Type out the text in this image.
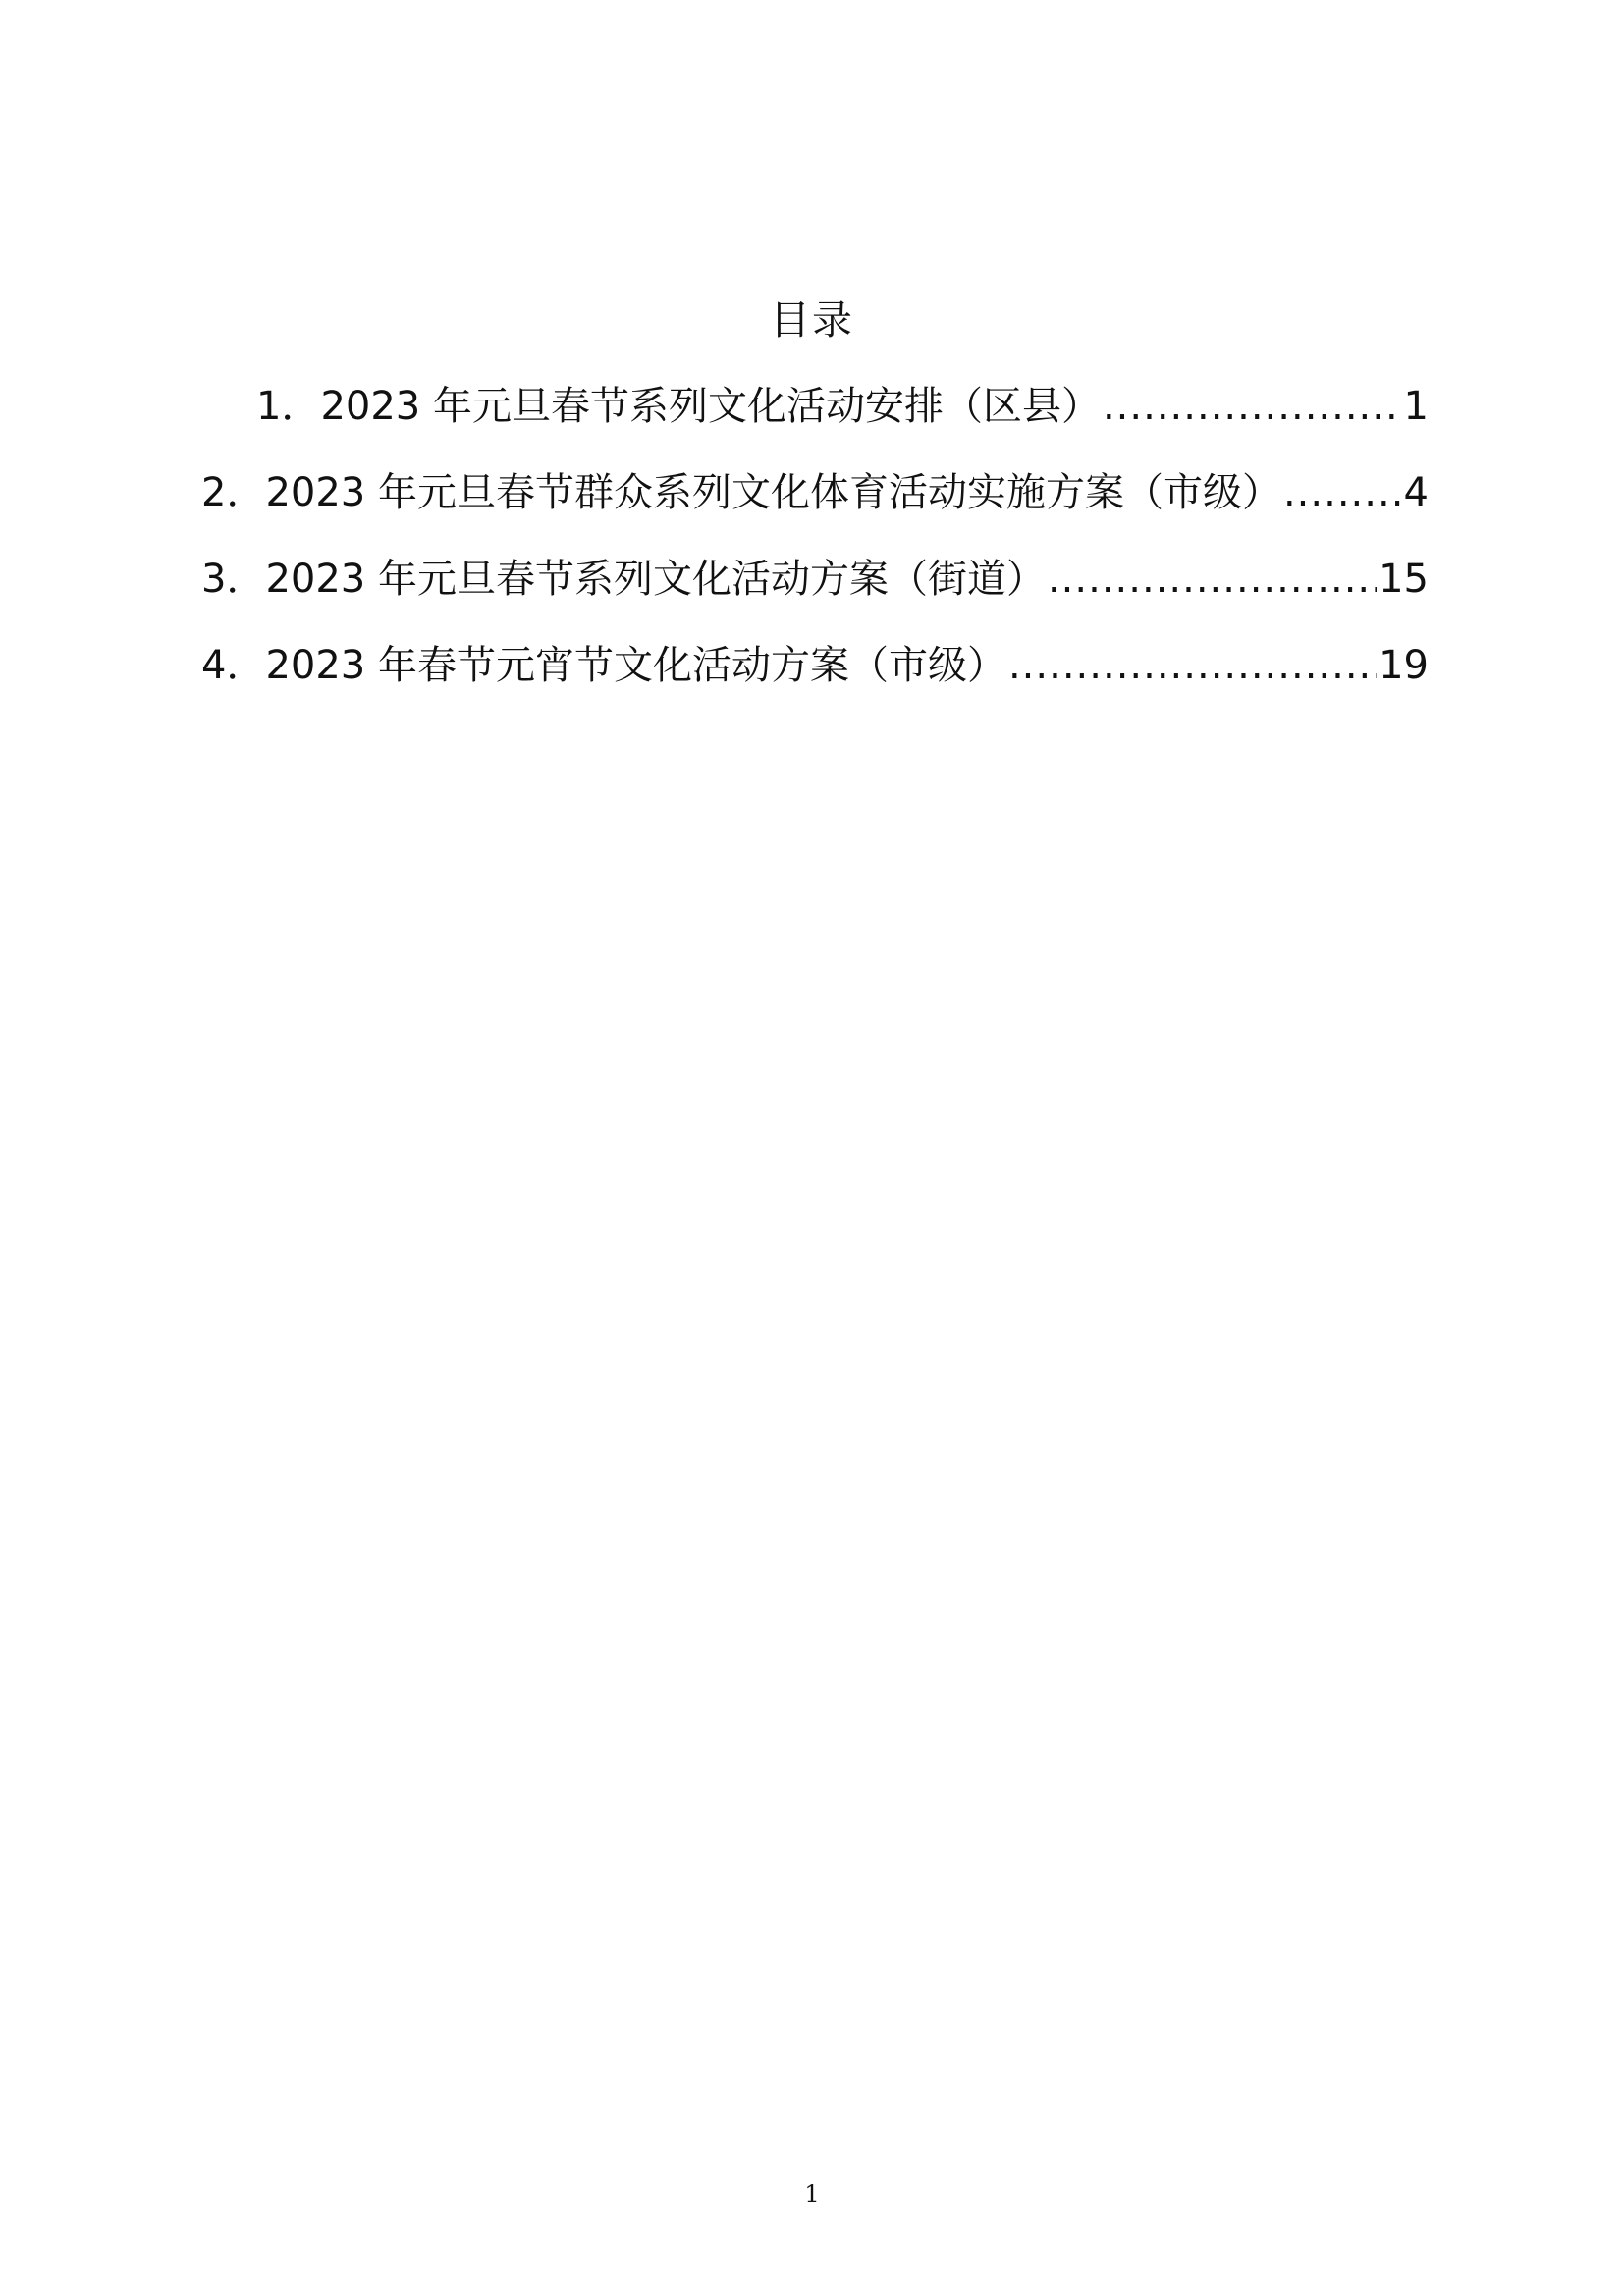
目录
1． 2023 年元旦春节系列文化活动安排（区县） .....	1
2． 2023 年元旦春节群众系列文化体育活动实施方案（市级） .....	4
3． 2023 年元旦春节系列文化活动方案（街道） .....	15
4． 2023 年春节元宵节文化活动方案（市级） .....	19
1
